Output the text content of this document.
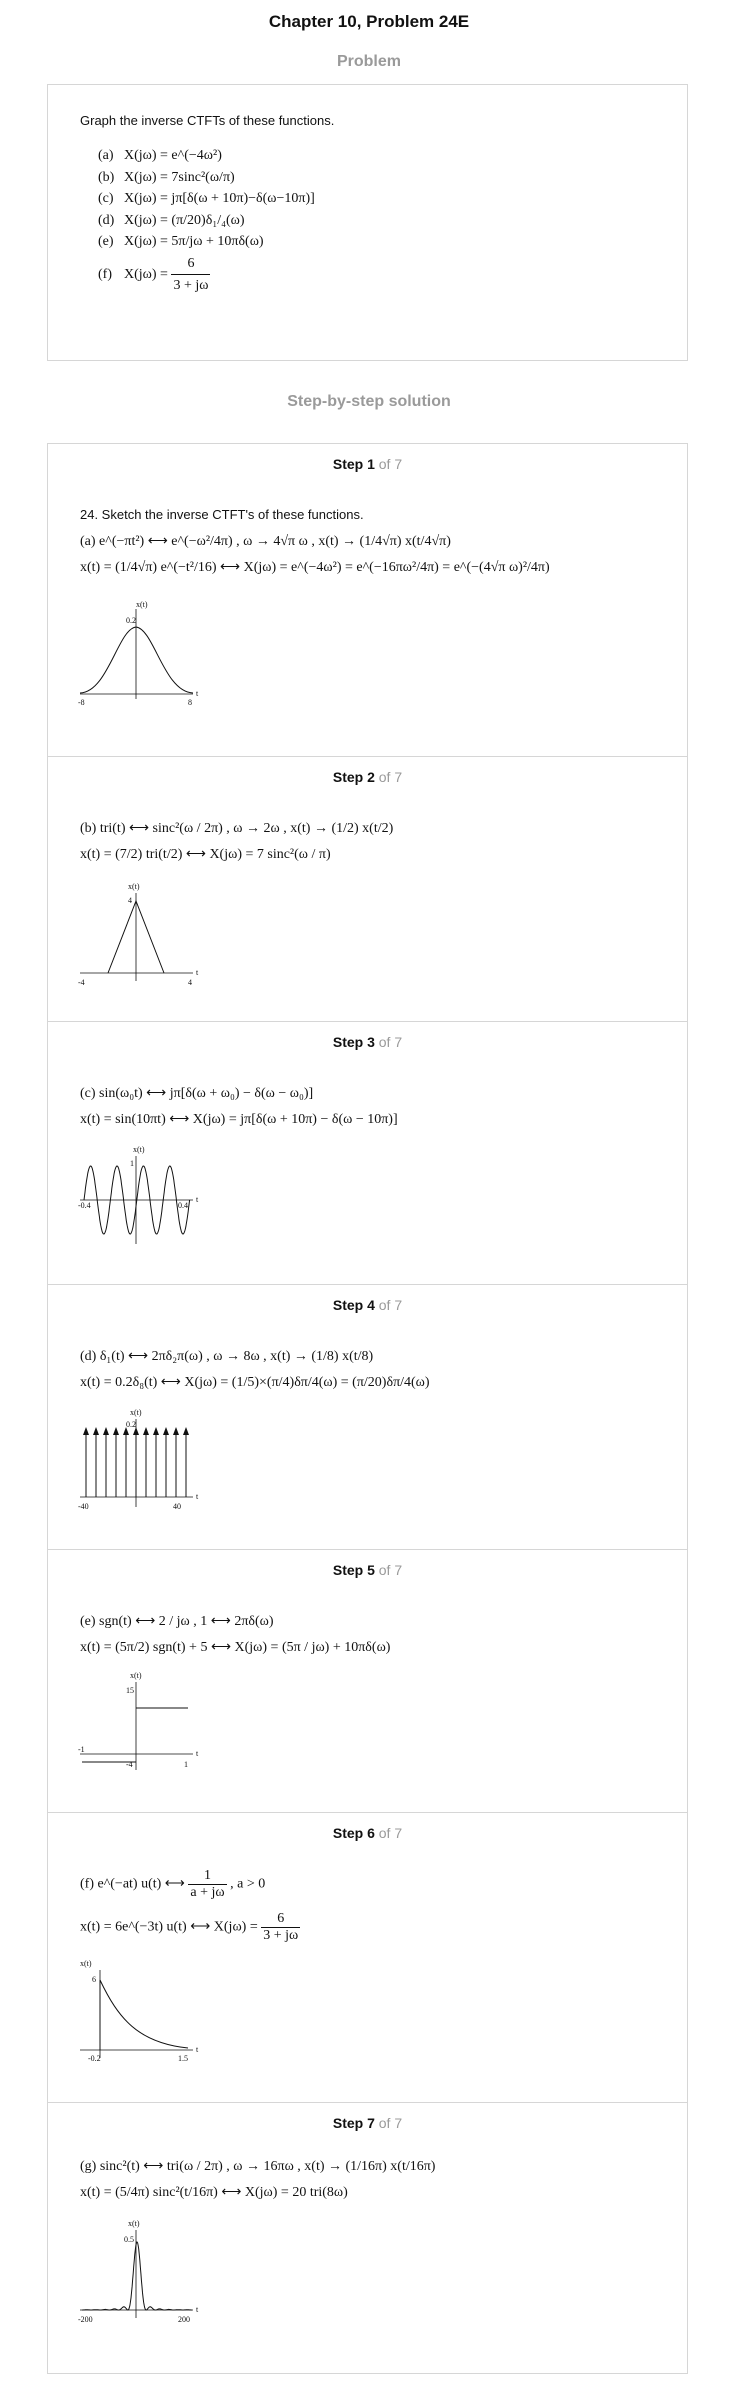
Chapter 10, Problem 24E
Problem
Graph the inverse CTFTs of these functions.
(a) X(jω) = e^(−4ω²)
(b) X(jω) = 7sinc²(ω/π)
(c) X(jω) = jπ[δ(ω + 10π)−δ(ω−10π)]
(d) X(jω) = (π/20)δ₁/₄(ω)
(e) X(jω) = 5π/jω + 10πδ(ω)
(f) $X(j\omega) = \frac{6}{3 + j\omega}$
Step-by-step solution
Step 1 of 7
24. Sketch the inverse CTFT's of these functions.
(a) e^(−πt²) ⟷ e^(−ω²/4π) , ω → 4√π ω , x(t) → (1/4√π) x(t/4√π)
x(t) = (1/4√π) e^(−t²/16) ⟷ X(jω) = e^(−4ω²) = e^(−16πω²/4π) = e^(−(4√π ω)²/4π)
x(t)
0.2
-8	8
t
Step 2 of 7
(b) tri(t) ⟷ sinc²(ω / 2π) , ω → 2ω , x(t) → (1/2) x(t/2)
x(t) = (7/2) tri(t/2) ⟷ X(jω) = 7 sinc²(ω / π)
x(t)
4
-4	4
t
Step 3 of 7
(c) sin(ω₀t) ⟷ jπ[δ(ω + ω₀) − δ(ω − ω₀)]
x(t) = sin(10πt) ⟷ X(jω) = jπ[δ(ω + 10π) − δ(ω − 10π)]
x(t)
1
-0.4	0.4
t
Step 4 of 7
(d) δ₁(t) ⟷ 2πδ₂π(ω) , ω → 8ω , x(t) → (1/8) x(t/8)
x(t) = 0.2δ₈(t) ⟷ X(jω) = (1/5)×(π/4)δπ/4(ω) = (π/20)δπ/4(ω)
x(t)
0.2
-40	40
t
Step 5 of 7
(e) sgn(t) ⟷ 2 / jω , 1 ⟷ 2πδ(ω)
x(t) = (5π/2) sgn(t) + 5 ⟷ X(jω) = (5π / jω) + 10πδ(ω)
x(t)
15
-4
-1
1
t
Step 6 of 7
(f) e^(−at) u(t) ⟷ $\frac{1}{a + j\omega}$ , a > 0
x(t) = 6e^(−3t) u(t) ⟷ $X(j\omega) = \frac{6}{3 + j\omega}$
x(t)
6
-0.2	1.5
t
Step 7 of 7
(g) sinc²(t) ⟷ tri(ω / 2π) , ω → 16πω , x(t) → (1/16π) x(t/16π)
x(t) = (5/4π) sinc²(t/16π) ⟷ X(jω) = 20 tri(8ω)
x(t)
0.5
-200	200
t
